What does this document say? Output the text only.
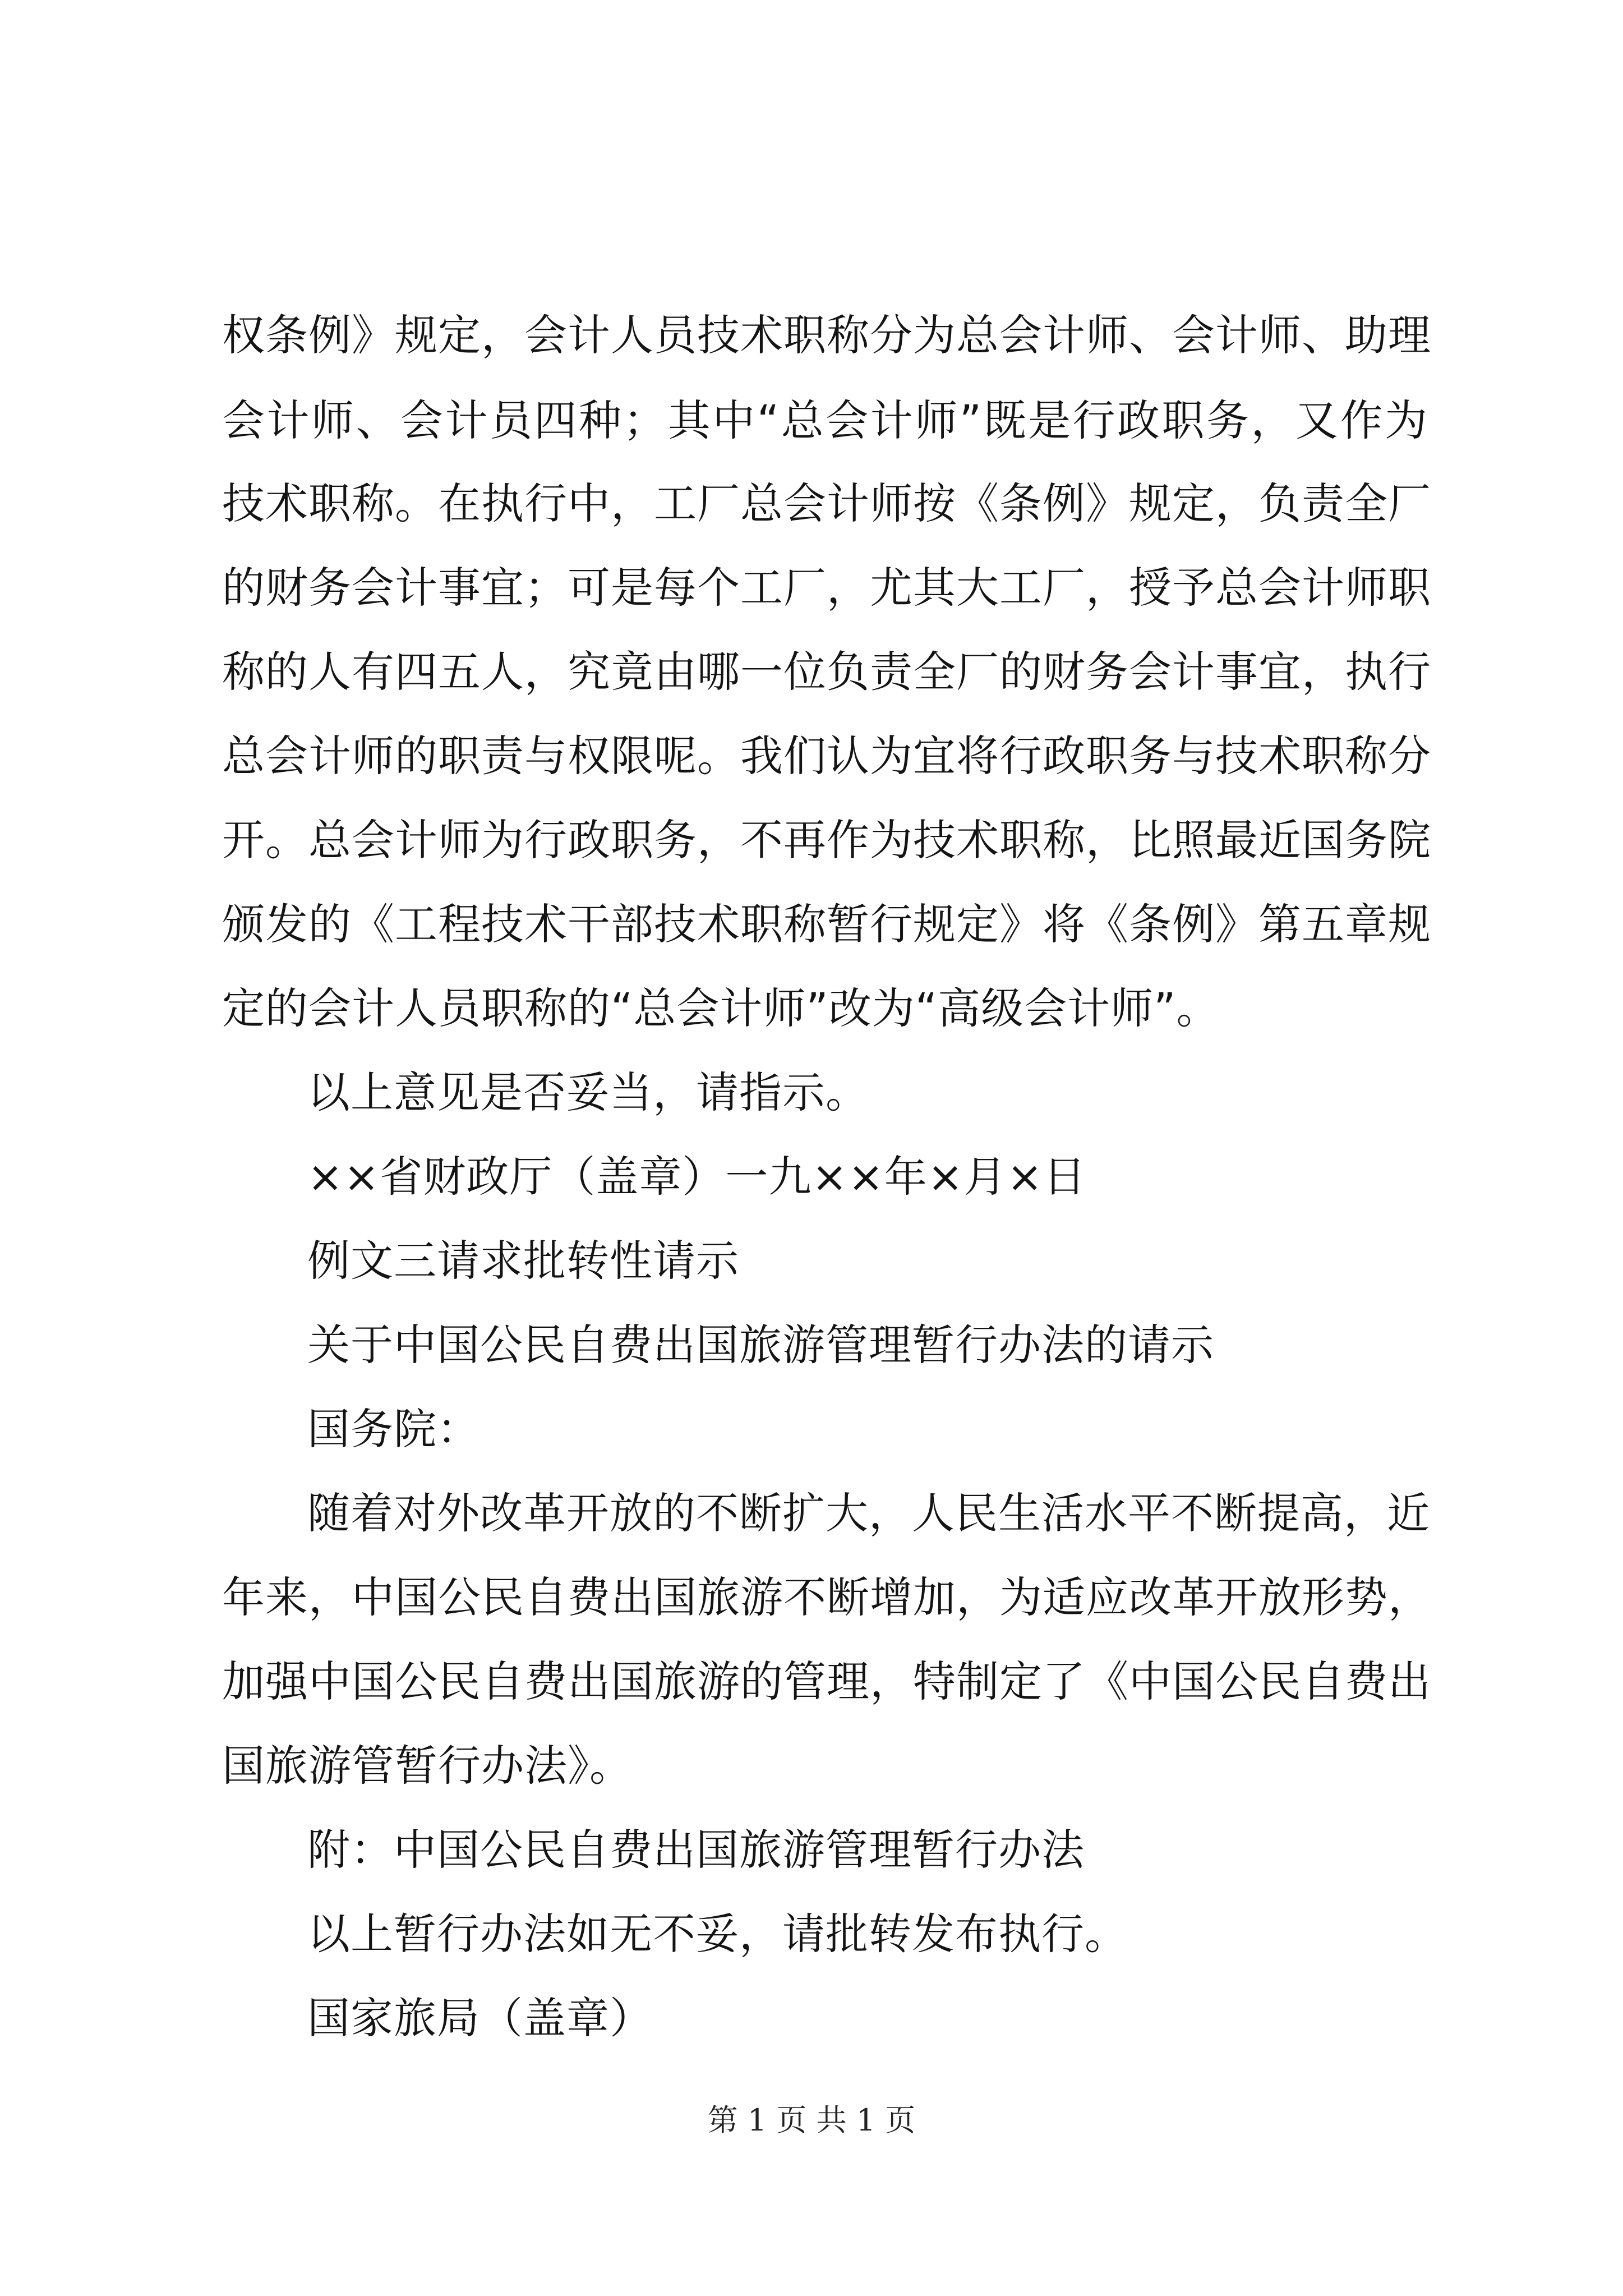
权条例》规定，会计人员技术职称分为总会计师、会计师、助理
会计师、会计员四种；其中“总会计师”既是行政职务，又作为
技术职称。在执行中，工厂总会计师按《条例》规定，负责全厂
的财务会计事宜；可是每个工厂，尤其大工厂，授予总会计师职
称的人有四五人，究竟由哪一位负责全厂的财务会计事宜，执行
总会计师的职责与权限呢。我们认为宜将行政职务与技术职称分
开。总会计师为行政职务，不再作为技术职称，比照最近国务院
颁发的《工程技术干部技术职称暂行规定》将《条例》第五章规
定的会计人员职称的“总会计师”改为“高级会计师”。
以上意见是否妥当，请指示。
××省财政厅（盖章）一九××年×月×日
例文三请求批转性请示
关于中国公民自费出国旅游管理暂行办法的请示
国务院：
随着对外改革开放的不断扩大，人民生活水平不断提高，近
年来，中国公民自费出国旅游不断增加，为适应改革开放形势，
加强中国公民自费出国旅游的管理，特制定了《中国公民自费出
国旅游管暂行办法》。
附：中国公民自费出国旅游管理暂行办法
以上暂行办法如无不妥，请批转发布执行。
国家旅局（盖章）
第 1 页 共 1 页
